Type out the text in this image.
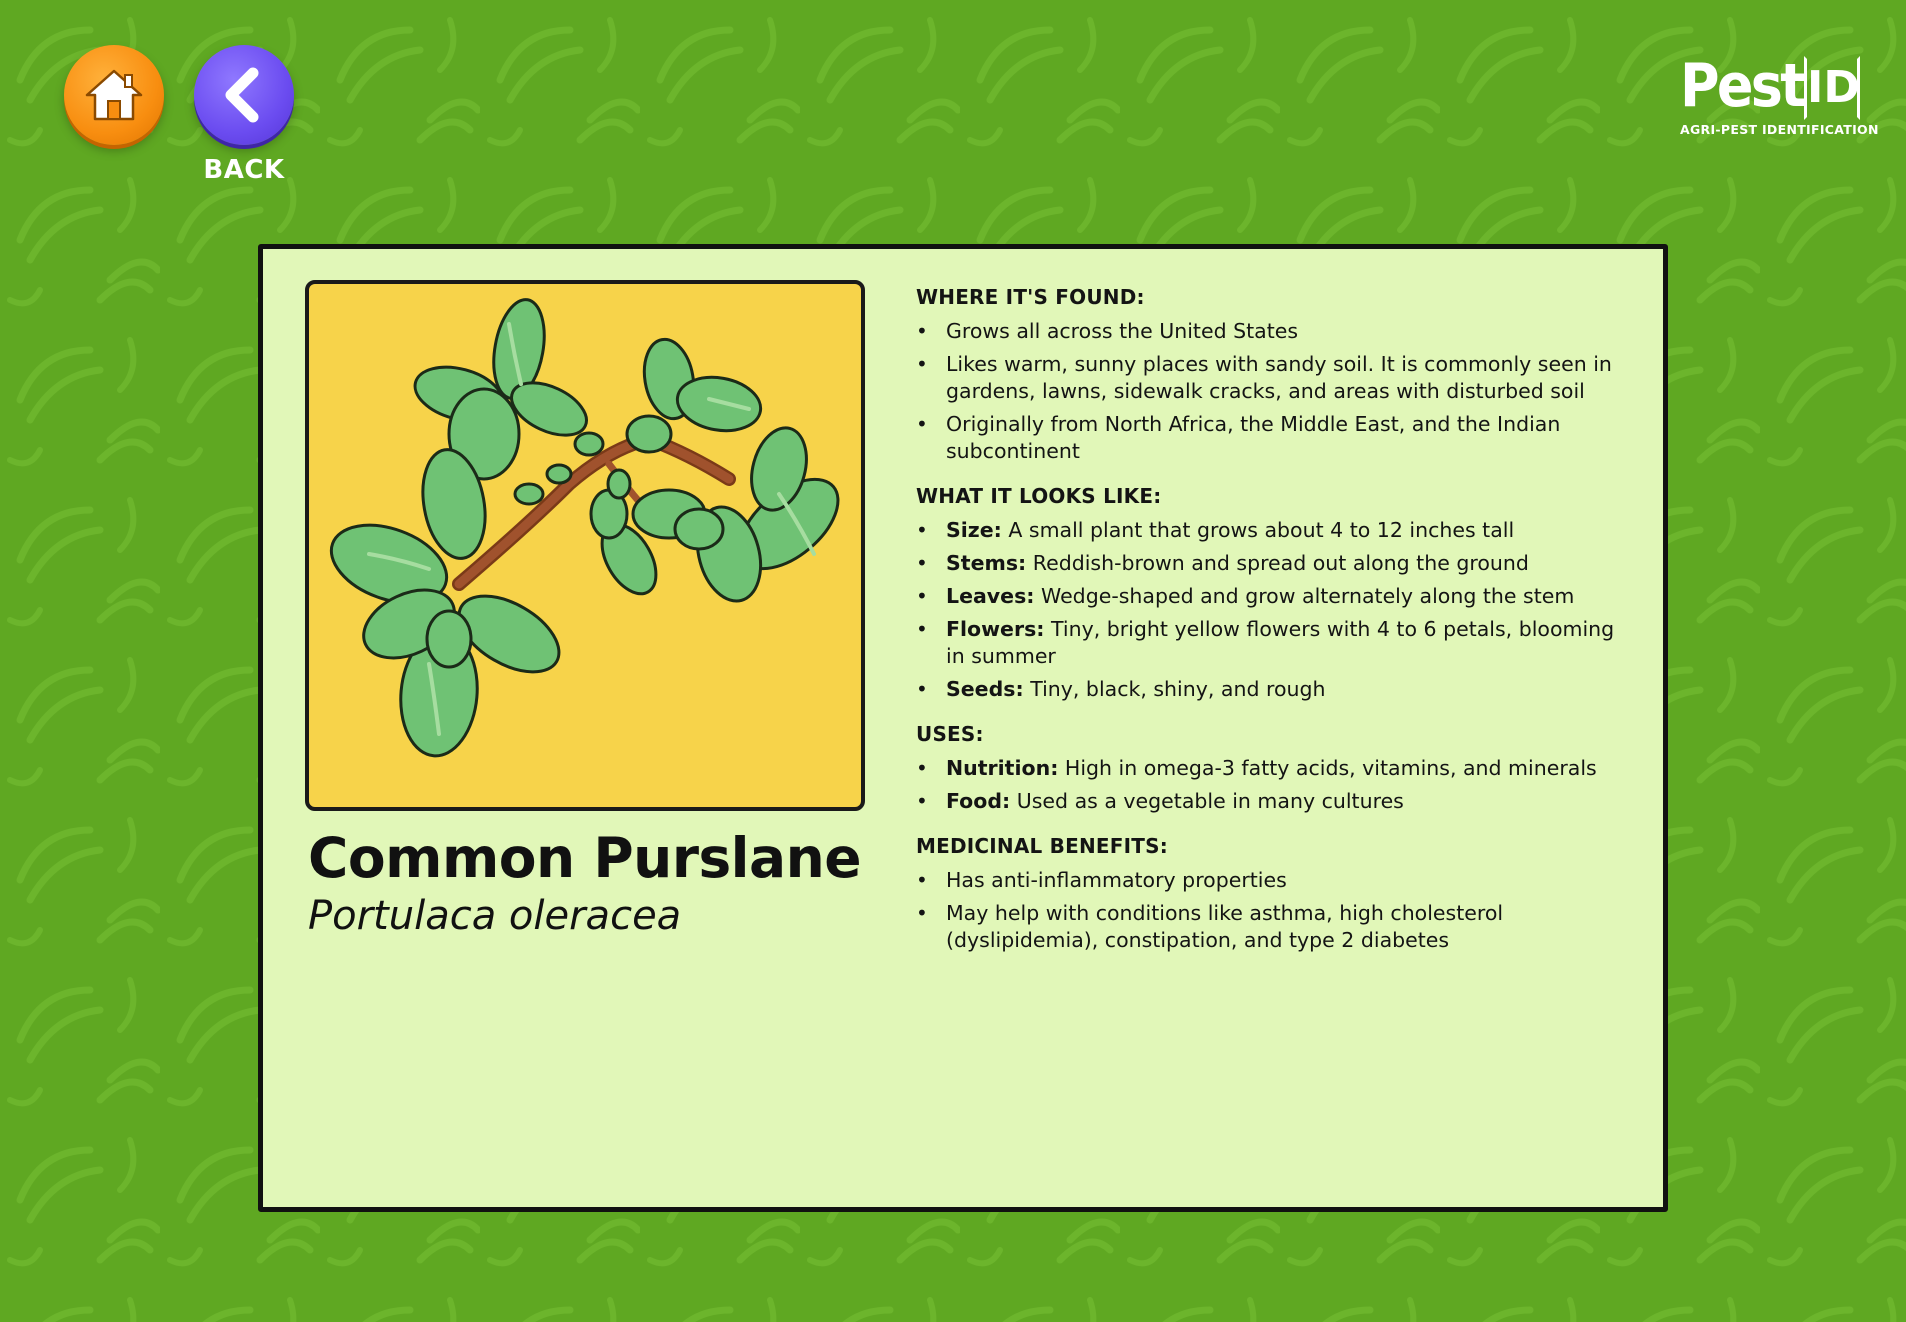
BACK
Pest ID
AGRI-PEST IDENTIFICATION
Common Purslane
Portulaca oleracea
WHERE IT'S FOUND:
• Grows all across the United States
• Likes warm, sunny places with sandy soil. It is commonly seen in gardens, lawns, sidewalk cracks, and areas with disturbed soil
• Originally from North Africa, the Middle East, and the Indian subcontinent
WHAT IT LOOKS LIKE:
• Size: A small plant that grows about 4 to 12 inches tall
• Stems: Reddish-brown and spread out along the ground
• Leaves: Wedge-shaped and grow alternately along the stem
• Flowers: Tiny, bright yellow flowers with 4 to 6 petals, blooming in summer
• Seeds: Tiny, black, shiny, and rough
USES:
• Nutrition: High in omega-3 fatty acids, vitamins, and minerals
• Food: Used as a vegetable in many cultures
MEDICINAL BENEFITS:
• Has anti-inflammatory properties
• May help with conditions like asthma, high cholesterol (dyslipidemia), constipation, and type 2 diabetes
